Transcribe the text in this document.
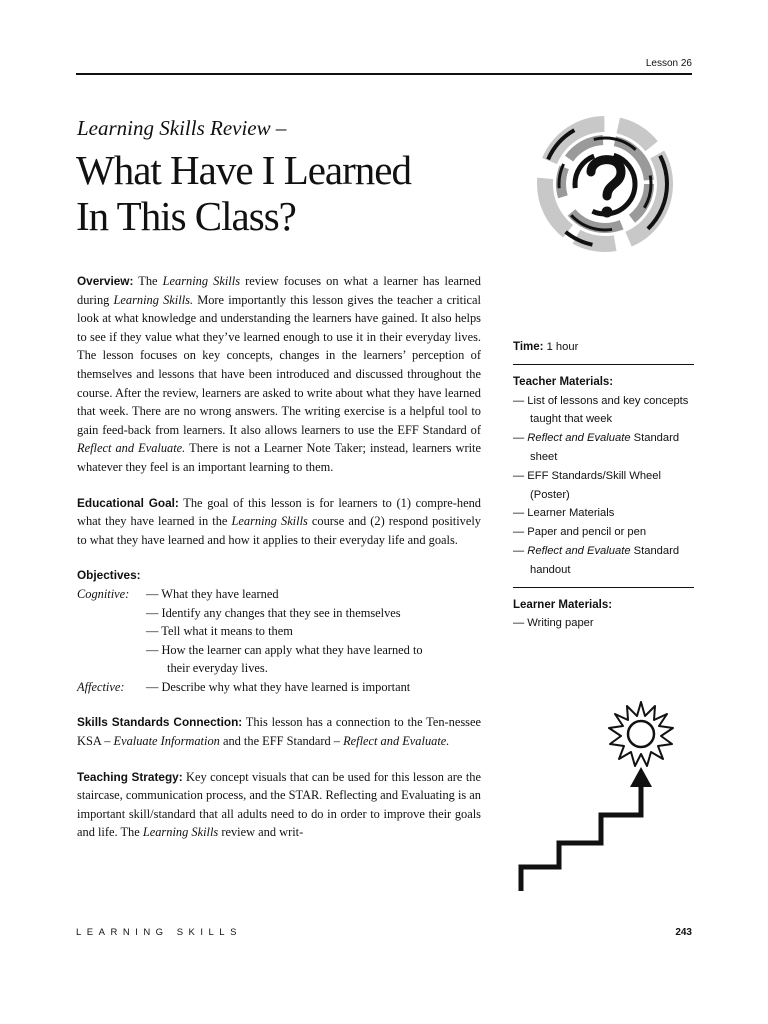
Lesson 26
Learning Skills Review –
What Have I Learned
In This Class?

Overview: The Learning Skills review focuses on what a learner has learned during Learning Skills. More importantly this lesson gives the teacher a critical look at what knowledge and understanding the learners have gained. It also helps to see if they value what they’ve learned enough to use it in their everyday lives. The lesson focuses on key concepts, changes in the learners’ perception of themselves and lessons that have been introduced and discussed throughout the course. After the review, learners are asked to write about what they have learned that week. There are no wrong answers. The writing exercise is a helpful tool to gain feed-back from learners. It also allows learners to use the EFF Standard of Reflect and Evaluate. There is not a Learner Note Taker; instead, learners write whatever they feel is an important learning to them.

Educational Goal: The goal of this lesson is for learners to (1) compre-hend what they have learned in the Learning Skills course and (2) respond positively to what they have learned and how it applies to their everyday life and goals.

Objectives:
Cognitive:	— What they have learned
— Identify any changes that they see in themselves
— Tell what it means to them
— How the learner can apply what they have learned to
their everyday lives.
Affective:	— Describe why what they have learned is important

Skills Standards Connection: This lesson has a connection to the Ten-nessee KSA – Evaluate Information and the EFF Standard – Reflect and Evaluate.

Teaching Strategy: Key concept visuals that can be used for this lesson are the staircase, communication process, and the STAR. Reflecting and Evaluating is an important skill/standard that all adults need to do in order to improve their goals and life. The Learning Skills review and writ-

Time: 1 hour
Teacher Materials:
— List of lessons and key concepts taught that week
— Reflect and Evaluate Standard sheet
— EFF Standards/Skill Wheel (Poster)
— Learner Materials
— Paper and pencil or pen
— Reflect and Evaluate Standard handout
Learner Materials:
— Writing paper
LEARNING SKILLS	243
